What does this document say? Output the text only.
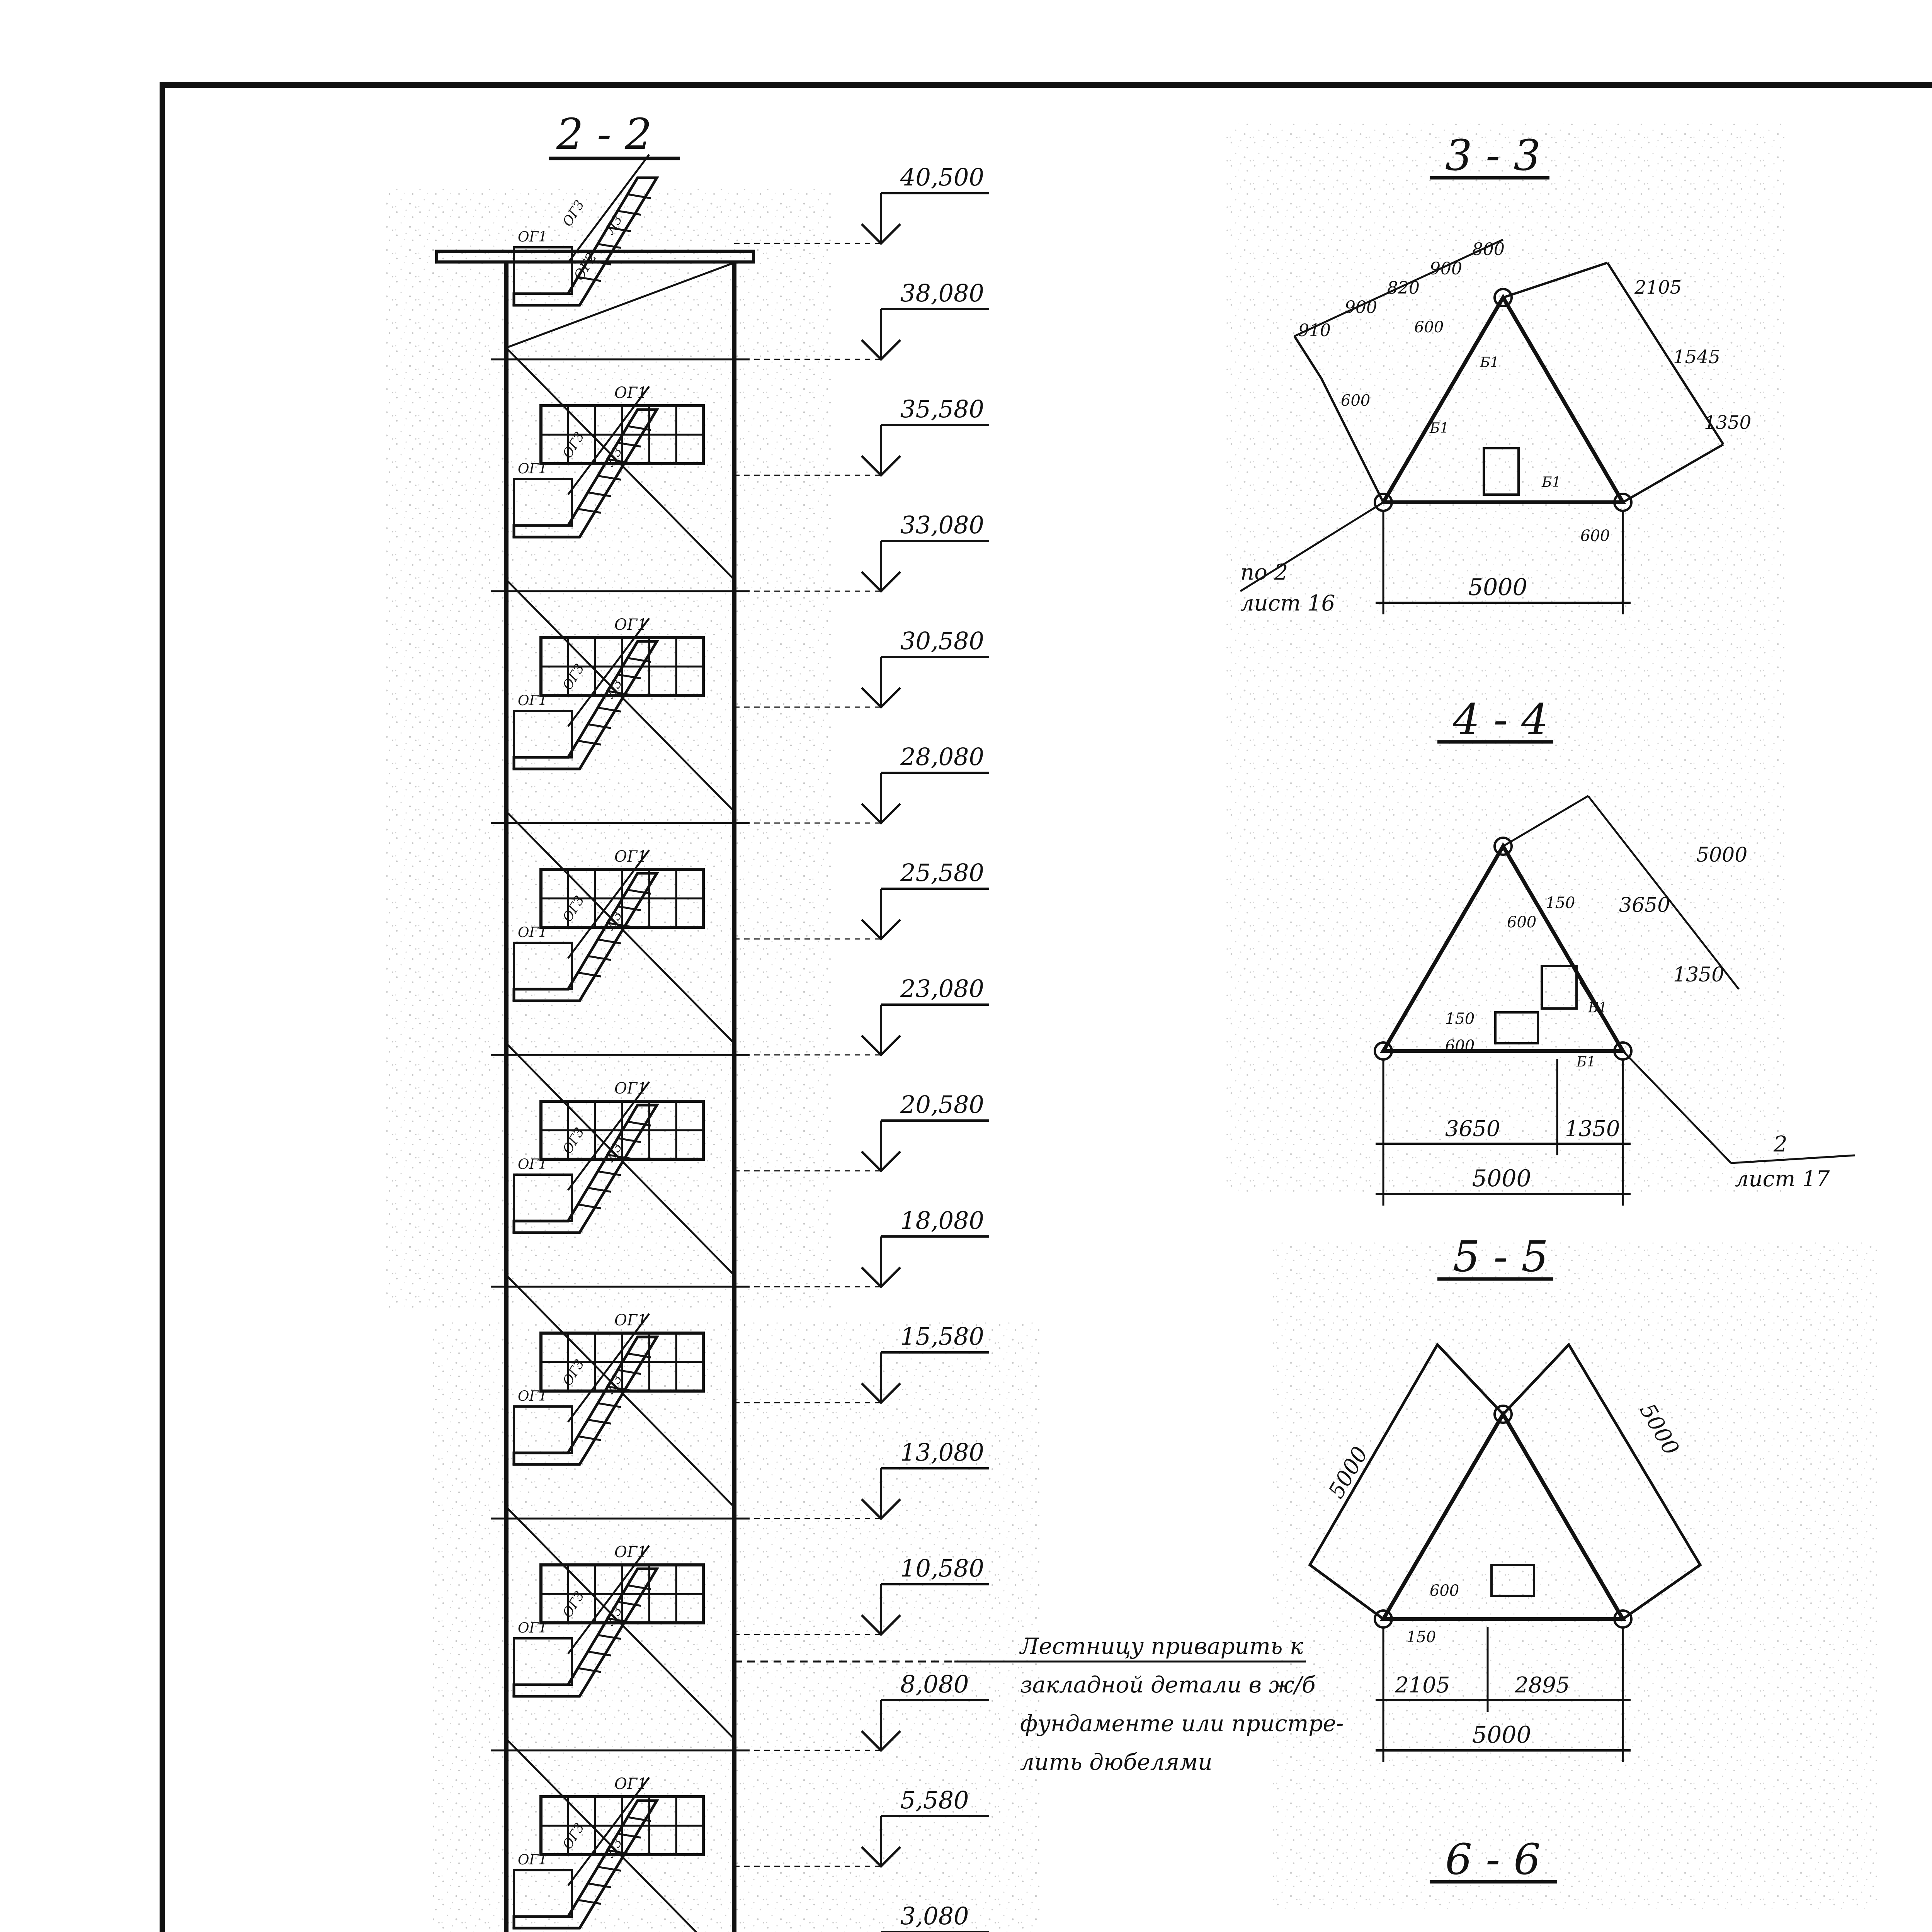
2 - 2
ОГ1
ОГ3 Л3
ОГ1
ОГ1
ОГ3 Л3
ОГ1
ОГ1
ОГ3 Л3
ОГ1
ОГ1
ОГ3 Л3
ОГ1
ОГ1
ОГ3 Л3
ОГ1
ОГ1
ОГ3 Л3
ОГ1
ОГ1
ОГ3 Л3
ОГ1
ОГ1
ОГ3 Л3
ОГ2
40,500
38,080
35,580
33,080
30,580
28,080
25,580
23,080
20,580
18,080
15,580
13,080
10,580
8,080
5,580
3,080
Лестницу приварить к
закладной детали в ж/б
фундаменте или пристре-
лить дюбелями
3 - 3
910
900
820
900
800
2105
1545
1350
600
600
600
Б1
Б1
Б1
5000
по 2
лист 16
4 - 4
5000
3650
1350
600
150
150
600
Б1
Б1
3650	1350
5000
2
лист 17
5 - 5
5000
5000
600
150
2105	2895
5000
6 - 6
